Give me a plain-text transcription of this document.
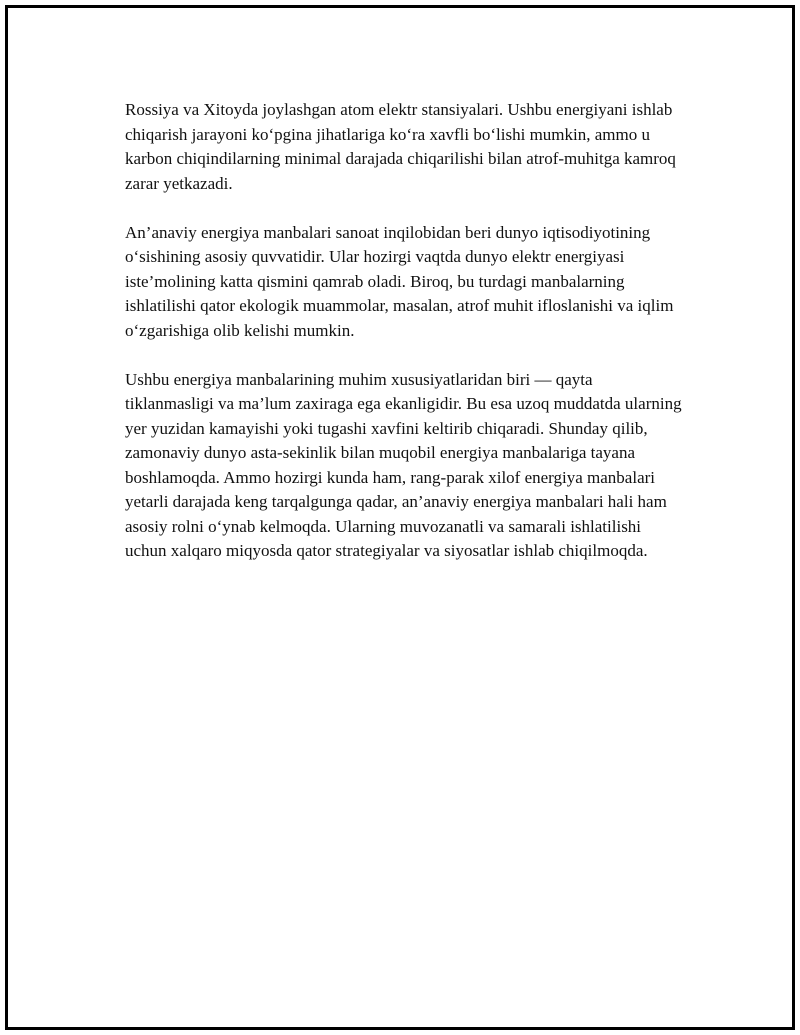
Rossiya va Xitoyda joylashgan atom elektr stansiyalari. Ushbu energiyani ishlab chiqarish jarayoni koʻpgina jihatlariga koʻra xavfli boʻlishi mumkin, ammo u karbon chiqindilarning minimal darajada chiqarilishi bilan atrof-muhitga kamroq zarar yetkazadi.

An’anaviy energiya manbalari sanoat inqilobidan beri dunyo iqtisodiyotining oʻsishining asosiy quvvatidir. Ular hozirgi vaqtda dunyo elektr energiyasi iste’molining katta qismini qamrab oladi. Biroq, bu turdagi manbalarning ishlatilishi qator ekologik muammolar, masalan, atrof muhit ifloslanishi va iqlim oʻzgarishiga olib kelishi mumkin.

Ushbu energiya manbalarining muhim xususiyatlaridan biri — qayta tiklanmasligi va ma’lum zaxiraga ega ekanligidir. Bu esa uzoq muddatda ularning yer yuzidan kamayishi yoki tugashi xavfini keltirib chiqaradi. Shunday qilib, zamonaviy dunyo asta-sekinlik bilan muqobil energiya manbalariga tayana boshlamoqda. Ammo hozirgi kunda ham, rang-parak xilof energiya manbalari yetarli darajada keng tarqalgunga qadar, an’anaviy energiya manbalari hali ham asosiy rolni oʻynab kelmoqda. Ularning muvozanatli va samarali ishlatilishi uchun xalqaro miqyosda qator strategiyalar va siyosatlar ishlab chiqilmoqda.
